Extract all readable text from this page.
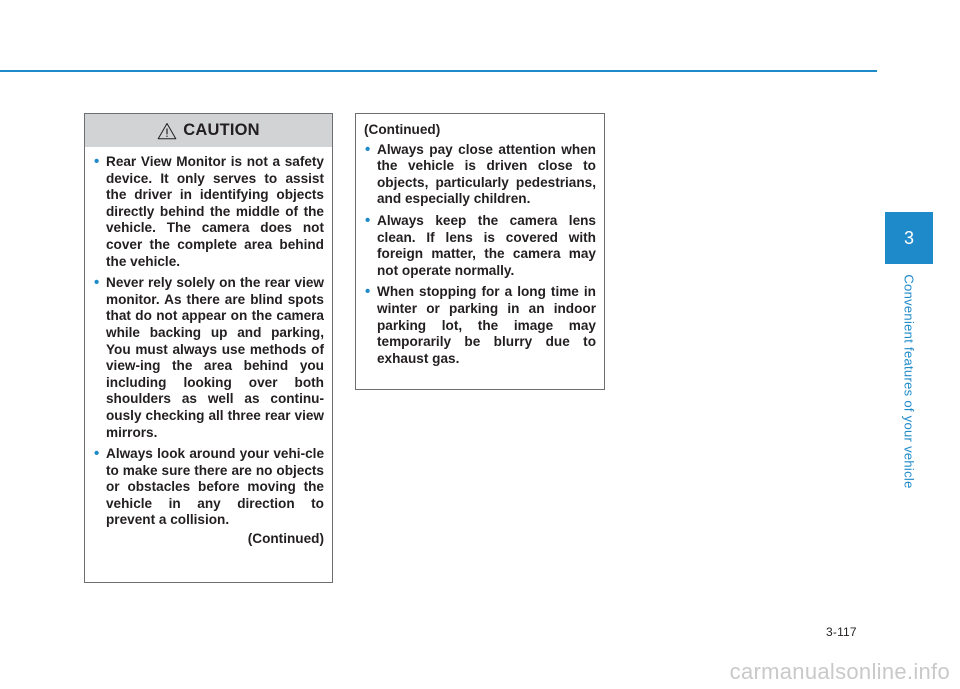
CAUTION
• Rear View Monitor is not a safety device. It only serves to assist the driver in identifying objects directly behind the middle of the vehicle. The camera does not cover the complete area behind the vehicle.
• Never rely solely on the rear view monitor. As there are blind spots that do not appear on the camera while backing up and parking, You must always use methods of view-ing the area behind you including looking over both shoulders as well as continu-ously checking all three rear view mirrors.
• Always look around your vehi-cle to make sure there are no objects or obstacles before moving the vehicle in any direction to prevent a collision.
(Continued)
(Continued)
• Always pay close attention when the vehicle is driven close to objects, particularly pedestrians, and especially children.
• Always keep the camera lens clean. If lens is covered with foreign matter, the camera may not operate normally.
• When stopping for a long time in winter or parking in an indoor parking lot, the image may temporarily be blurry due to exhaust gas.
3
Convenient features of your vehicle
3-117
carmanualsonline.info
